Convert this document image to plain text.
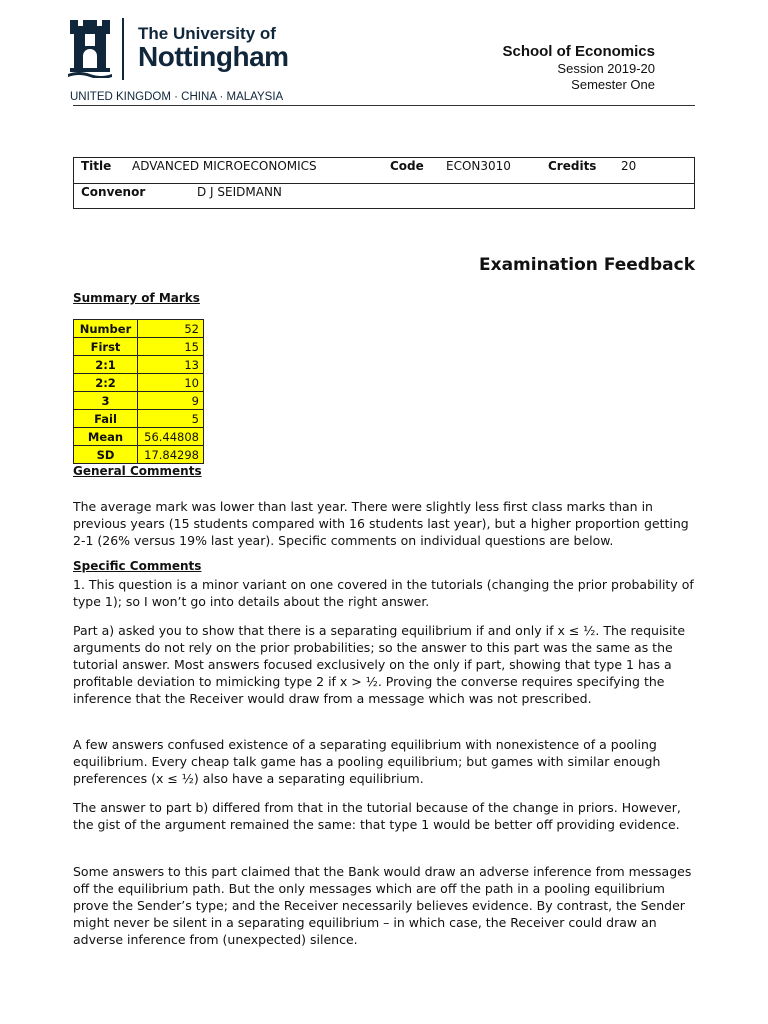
The University of
Nottingham
UNITED KINGDOM · CHINA · MALAYSIA
School of Economics
Session 2019-20
Semester One
Title ADVANCED MICROECONOMICS	Code ECON3010	Credits 20
Convenor	D J SEIDMANN
Examination Feedback
Summary of Marks
Number	52
First	15
2:1	13
2:2	10
3	9
Fail	5
Mean	56.44808
SD	17.84298
General Comments

The average mark was lower than last year. There were slightly less first class marks than in previous years (15 students compared with 16 students last year), but a higher proportion getting 2-1 (26% versus 19% last year). Specific comments on individual questions are below.

Specific Comments

1. This question is a minor variant on one covered in the tutorials (changing the prior probability of type 1); so I won’t go into details about the right answer.

Part a) asked you to show that there is a separating equilibrium if and only if x ≤ ½. The requisite arguments do not rely on the prior probabilities; so the answer to this part was the same as the tutorial answer. Most answers focused exclusively on the only if part, showing that type 1 has a profitable deviation to mimicking type 2 if x > ½. Proving the converse requires specifying the inference that the Receiver would draw from a message which was not prescribed.

A few answers confused existence of a separating equilibrium with nonexistence of a pooling equilibrium. Every cheap talk game has a pooling equilibrium; but games with similar enough preferences (x ≤ ½) also have a separating equilibrium.

The answer to part b) differed from that in the tutorial because of the change in priors. However, the gist of the argument remained the same: that type 1 would be better off providing evidence.

Some answers to this part claimed that the Bank would draw an adverse inference from messages off the equilibrium path. But the only messages which are off the path in a pooling equilibrium prove the Sender’s type; and the Receiver necessarily believes evidence. By contrast, the Sender might never be silent in a separating equilibrium – in which case, the Receiver could draw an adverse inference from (unexpected) silence.
